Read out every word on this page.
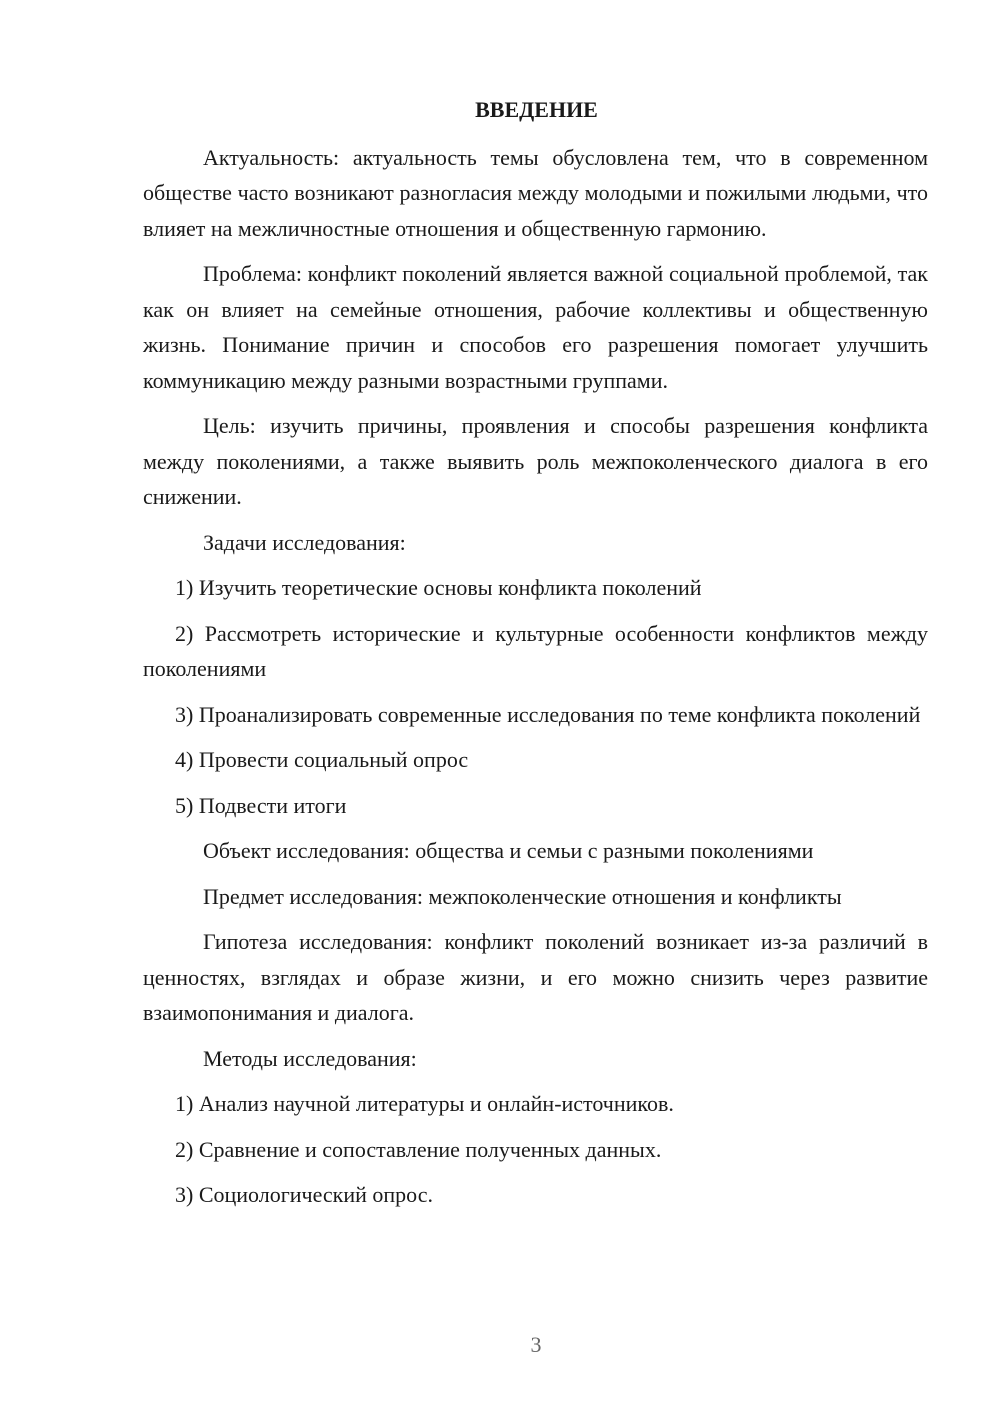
ВВЕДЕНИЕ

Актуальность: актуальность темы обусловлена тем, что в современном обществе часто возникают разногласия между молодыми и пожилыми людьми, что влияет на межличностные отношения и общественную гармонию.

Проблема: конфликт поколений является важной социальной проблемой, так как он влияет на семейные отношения, рабочие коллективы и общественную жизнь. Понимание причин и способов его разрешения помогает улучшить коммуникацию между разными возрастными группами.

Цель: изучить причины, проявления и способы разрешения конфликта между поколениями, а также выявить роль межпоколенческого диалога в его снижении.

Задачи исследования:

1) Изучить теоретические основы конфликта поколений

2) Рассмотреть исторические и культурные особенности конфликтов между поколениями

3) Проанализировать современные исследования по теме конфликта поколений

4) Провести социальный опрос

5) Подвести итоги

Объект исследования: общества и семьи с разными поколениями

Предмет исследования: межпоколенческие отношения и конфликты

Гипотеза исследования: конфликт поколений возникает из-за различий в ценностях, взглядах и образе жизни, и его можно снизить через развитие взаимопонимания и диалога.

Методы исследования:

1) Анализ научной литературы и онлайн-источников.

2) Сравнение и сопоставление полученных данных.

3) Социологический опрос.

3
